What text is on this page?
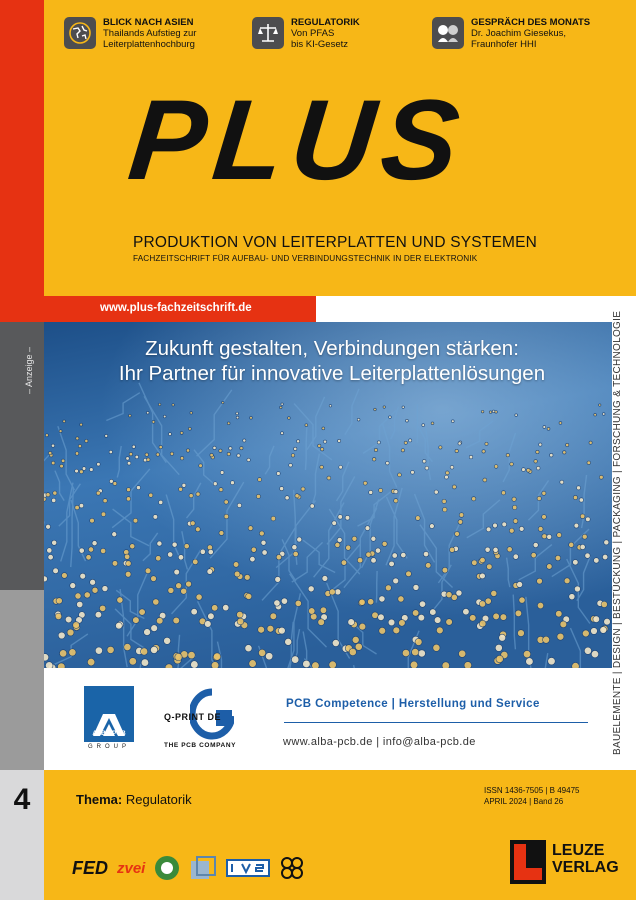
– Anzeige –
4
BLICK NACH ASIEN
Thailands Aufstieg zur
Leiterplattenhochburg
REGULATORIK
Von PFAS
bis KI-Gesetz
GESPRÄCH DES MONATS
Dr. Joachim Giesekus,
Fraunhofer HHI
PLUS
PRODUKTION VON LEITERPLATTEN UND SYSTEMEN
FACHZEITSCHRIFT FÜR AUFBAU- UND VERBINDUNGSTECHNIK IN DER ELEKTRONIK
www.plus-fachzeitschrift.de
Zukunft gestalten, Verbindungen stärken:
Ihr Partner für innovative Leiterplattenlösungen
ALBA PCB
GROUP
Q-PRINT DE
THE PCB COMPANY
PCB Competence | Herstellung und Service
www.alba-pcb.de | info@alba-pcb.de	BAUELEMENTE | DESIGN | BESTÜCKUNG | PACKAGING | FORSCHUNG & TECHNOLOGIE
Thema: Regulatorik
ISSN 1436-7505 | B 49475
APRIL 2024 | Band 26
FED zvei
LEUZE
VERLAG
